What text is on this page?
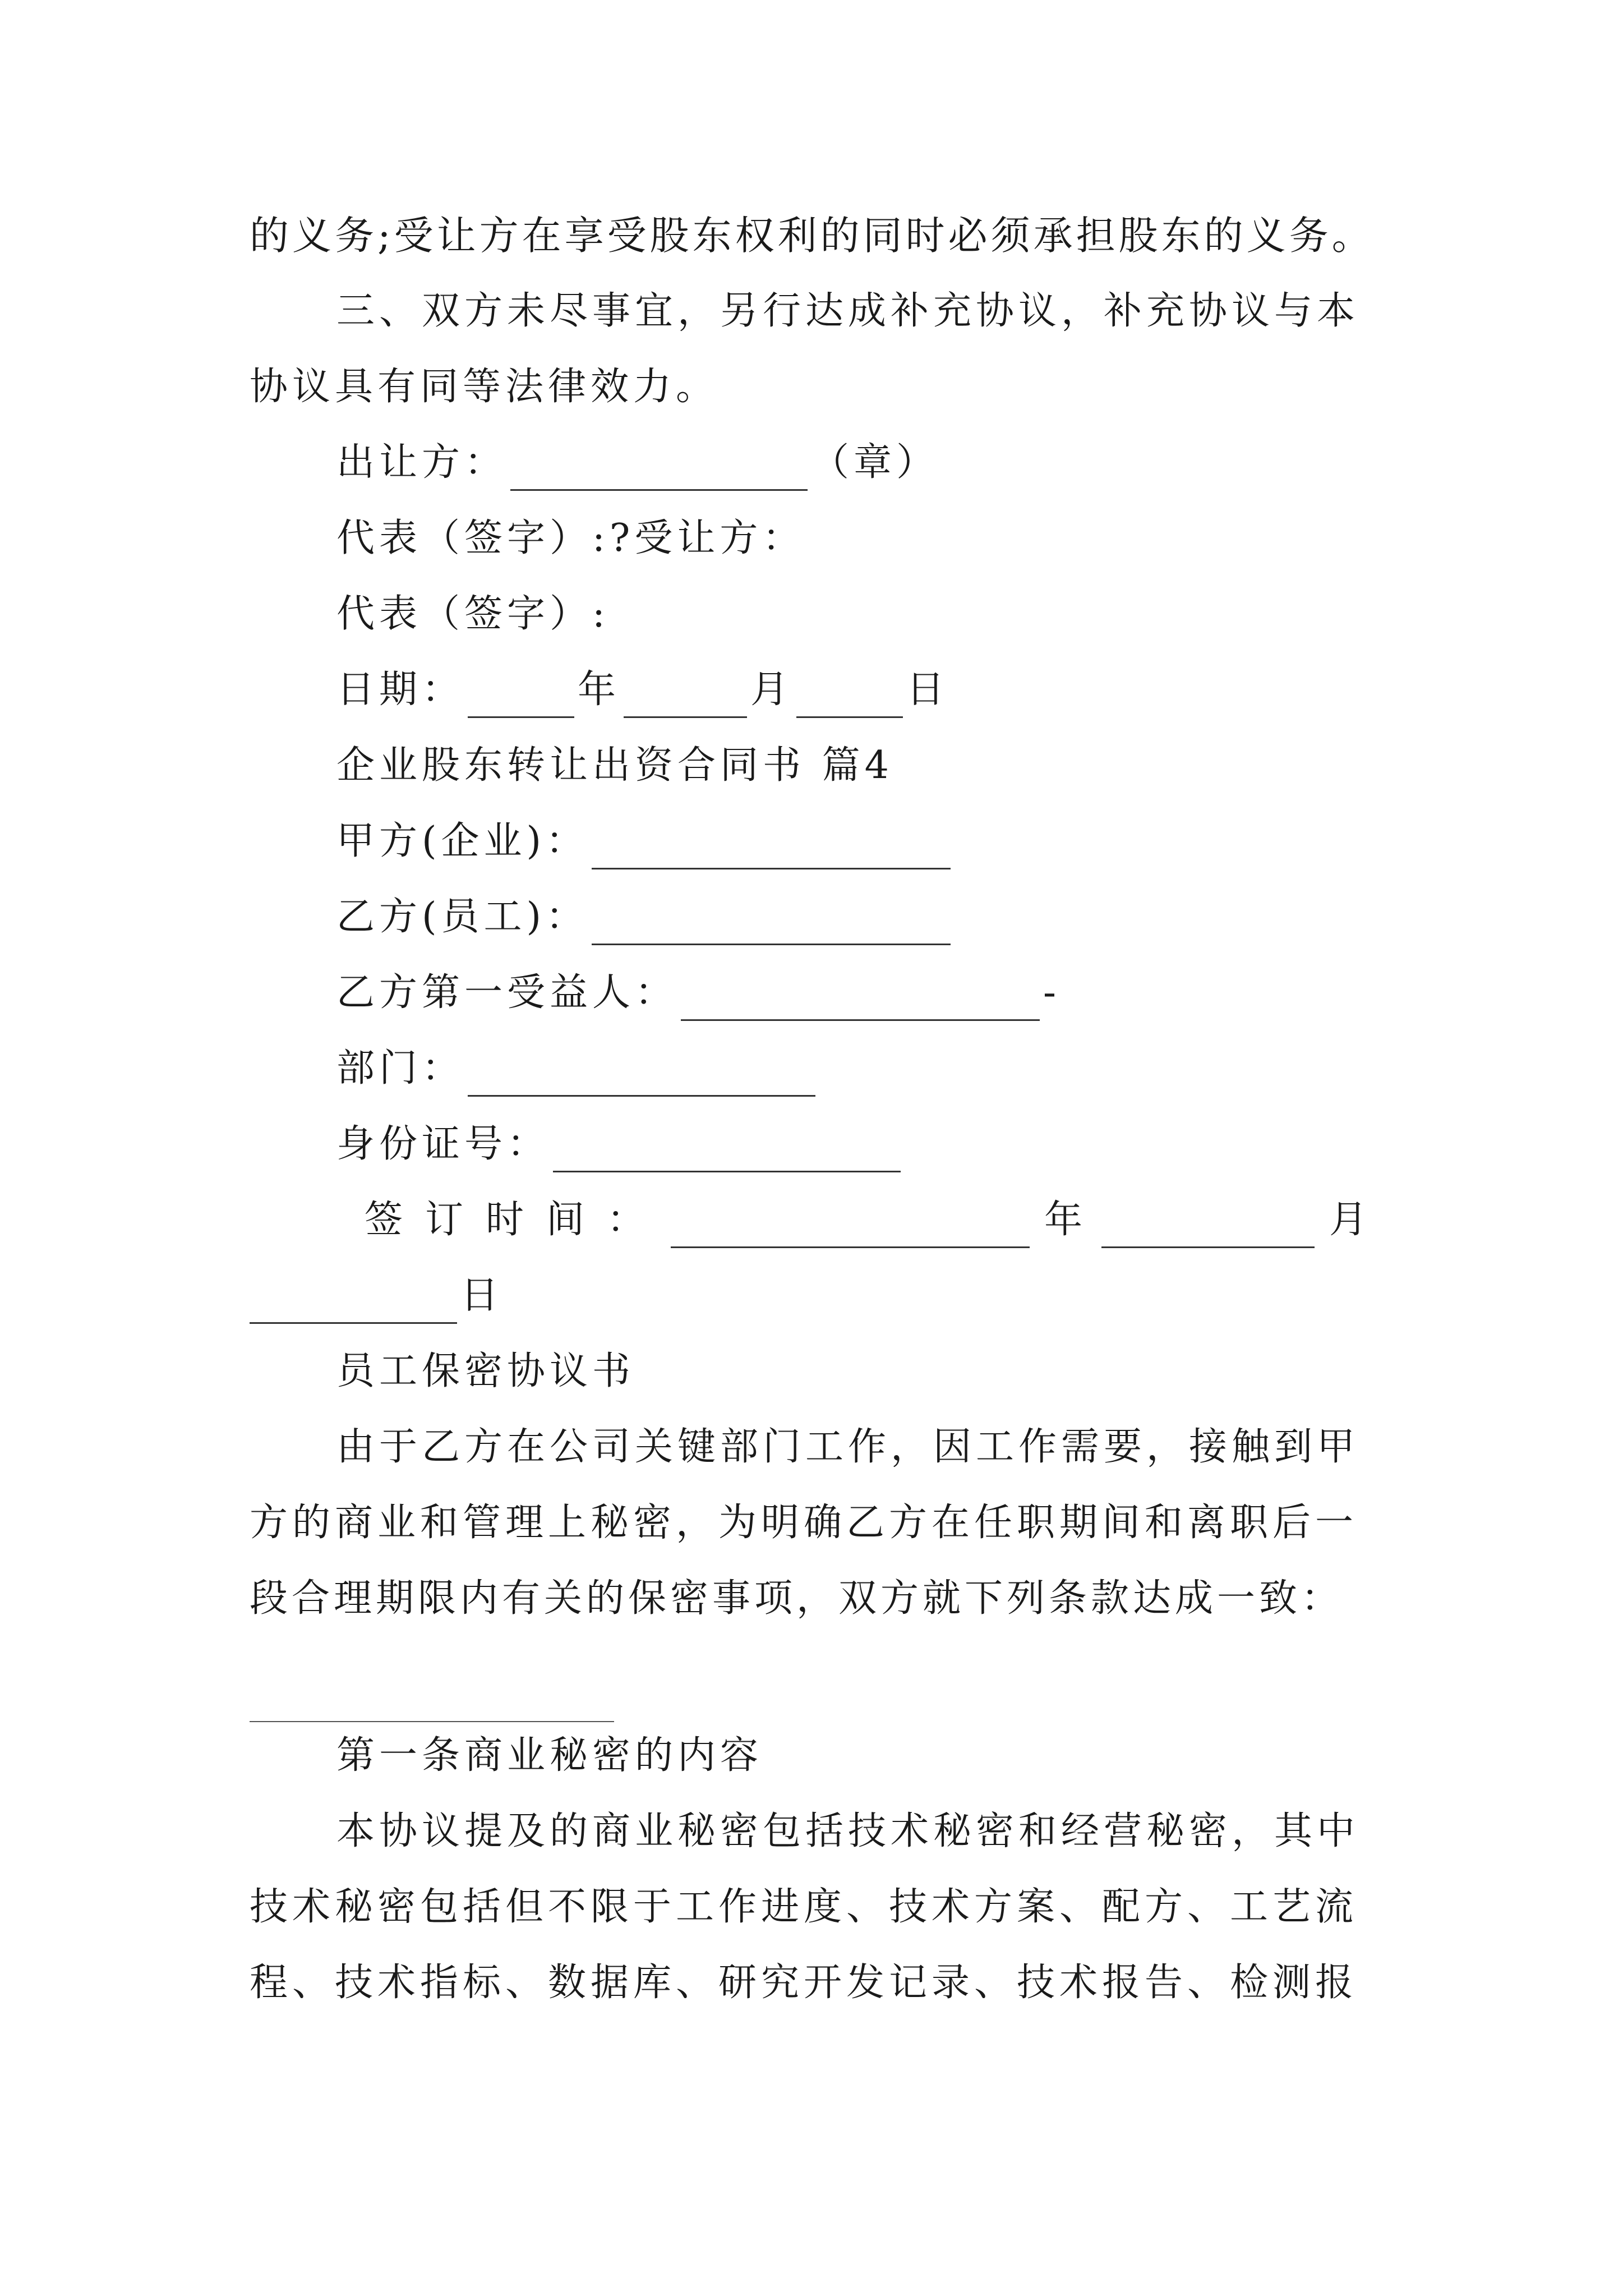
的义务;受让方在享受股东权利的同时必须承担股东的义务。
三、双方未尽事宜，另行达成补充协议，补充协议与本
协议具有同等法律效力。
出让方：	（章）
代表（签字）:?受让方：
代表（签字）:
日期：	年	月	日
企业股东转让出资合同书 篇4
甲方(企业)：
乙方(员工)：
乙方第一受益人：	-
部门：
身份证号：
签订时间：	年	月
日
员工保密协议书
由于乙方在公司关键部门工作，因工作需要，接触到甲
方的商业和管理上秘密，为明确乙方在任职期间和离职后一
段合理期限内有关的保密事项，双方就下列条款达成一致：
第一条商业秘密的内容
本协议提及的商业秘密包括技术秘密和经营秘密，其中
技术秘密包括但不限于工作进度、技术方案、配方、工艺流
程、技术指标、数据库、研究开发记录、技术报告、检测报
